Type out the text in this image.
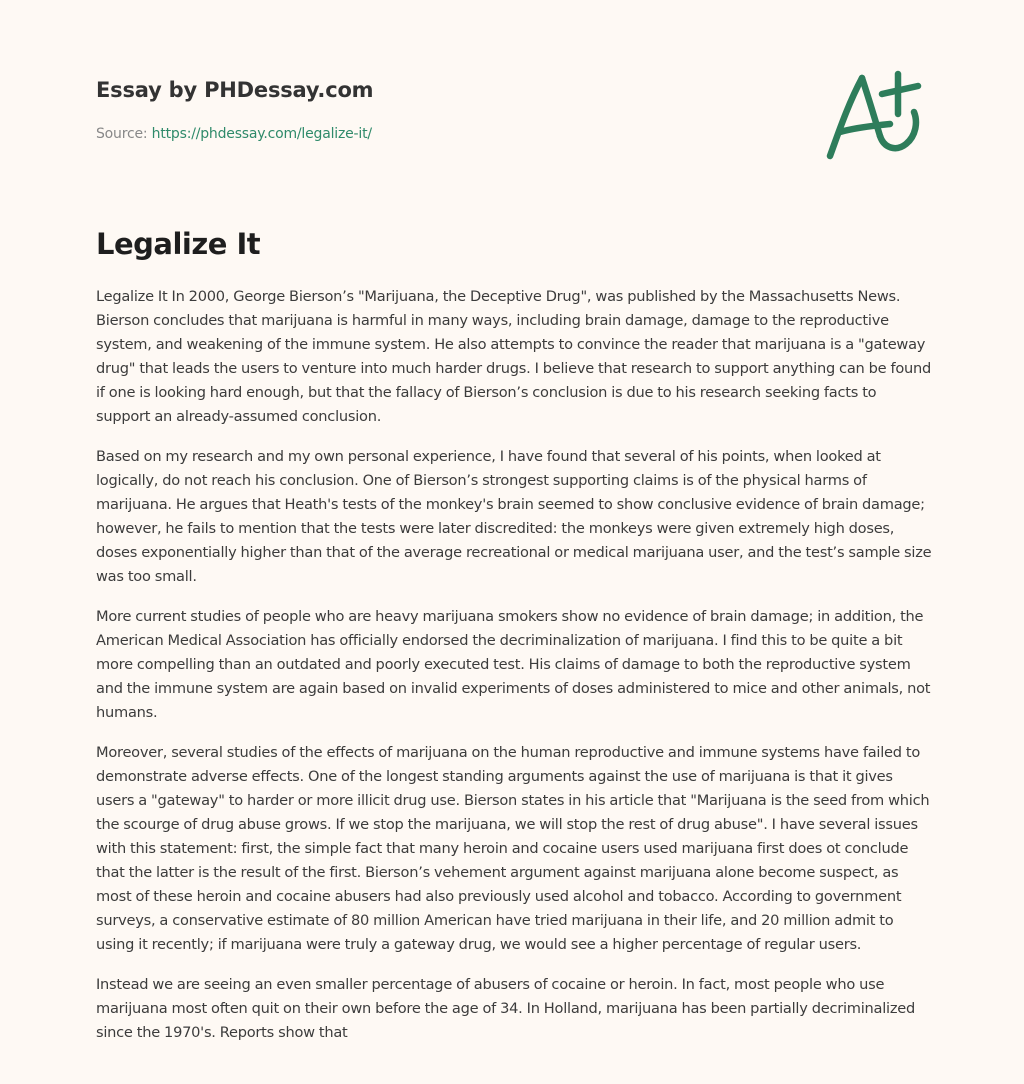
Essay by PHDessay.com
Source: https://phdessay.com/legalize-it/
Legalize It

Legalize It In 2000, George Bierson’s "Marijuana, the Deceptive Drug", was published by the Massachusetts News. Bierson concludes that marijuana is harmful in many ways, including brain damage, damage to the reproductive system, and weakening of the immune system. He also attempts to convince the reader that marijuana is a "gateway drug" that leads the users to venture into much harder drugs. I believe that research to support anything can be found if one is looking hard enough, but that the fallacy of Bierson’s conclusion is due to his research seeking facts to support an already-assumed conclusion.

Based on my research and my own personal experience, I have found that several of his points, when looked at logically, do not reach his conclusion. One of Bierson’s strongest supporting claims is of the physical harms of marijuana. He argues that Heath's tests of the monkey's brain seemed to show conclusive evidence of brain damage; however, he fails to mention that the tests were later discredited: the monkeys were given extremely high doses, doses exponentially higher than that of the average recreational or medical marijuana user, and the test’s sample size was too small.

More current studies of people who are heavy marijuana smokers show no evidence of brain damage; in addition, the American Medical Association has officially endorsed the decriminalization of marijuana. I find this to be quite a bit more compelling than an outdated and poorly executed test. His claims of damage to both the reproductive system and the immune system are again based on invalid experiments of doses administered to mice and other animals, not humans.

Moreover, several studies of the effects of marijuana on the human reproductive and immune systems have failed to demonstrate adverse effects. One of the longest standing arguments against the use of marijuana is that it gives users a "gateway" to harder or more illicit drug use. Bierson states in his article that "Marijuana is the seed from which the scourge of drug abuse grows. If we stop the marijuana, we will stop the rest of drug abuse". I have several issues with this statement: first, the simple fact that many heroin and cocaine users used marijuana first does ot conclude that the latter is the result of the first. Bierson’s vehement argument against marijuana alone become suspect, as most of these heroin and cocaine abusers had also previously used alcohol and tobacco. According to government surveys, a conservative estimate of 80 million American have tried marijuana in their life, and 20 million admit to using it recently; if marijuana were truly a gateway drug, we would see a higher percentage of regular users.

Instead we are seeing an even smaller percentage of abusers of cocaine or heroin. In fact, most people who use marijuana most often quit on their own before the age of 34. In Holland, marijuana has been partially decriminalized since the 1970's. Reports show that
